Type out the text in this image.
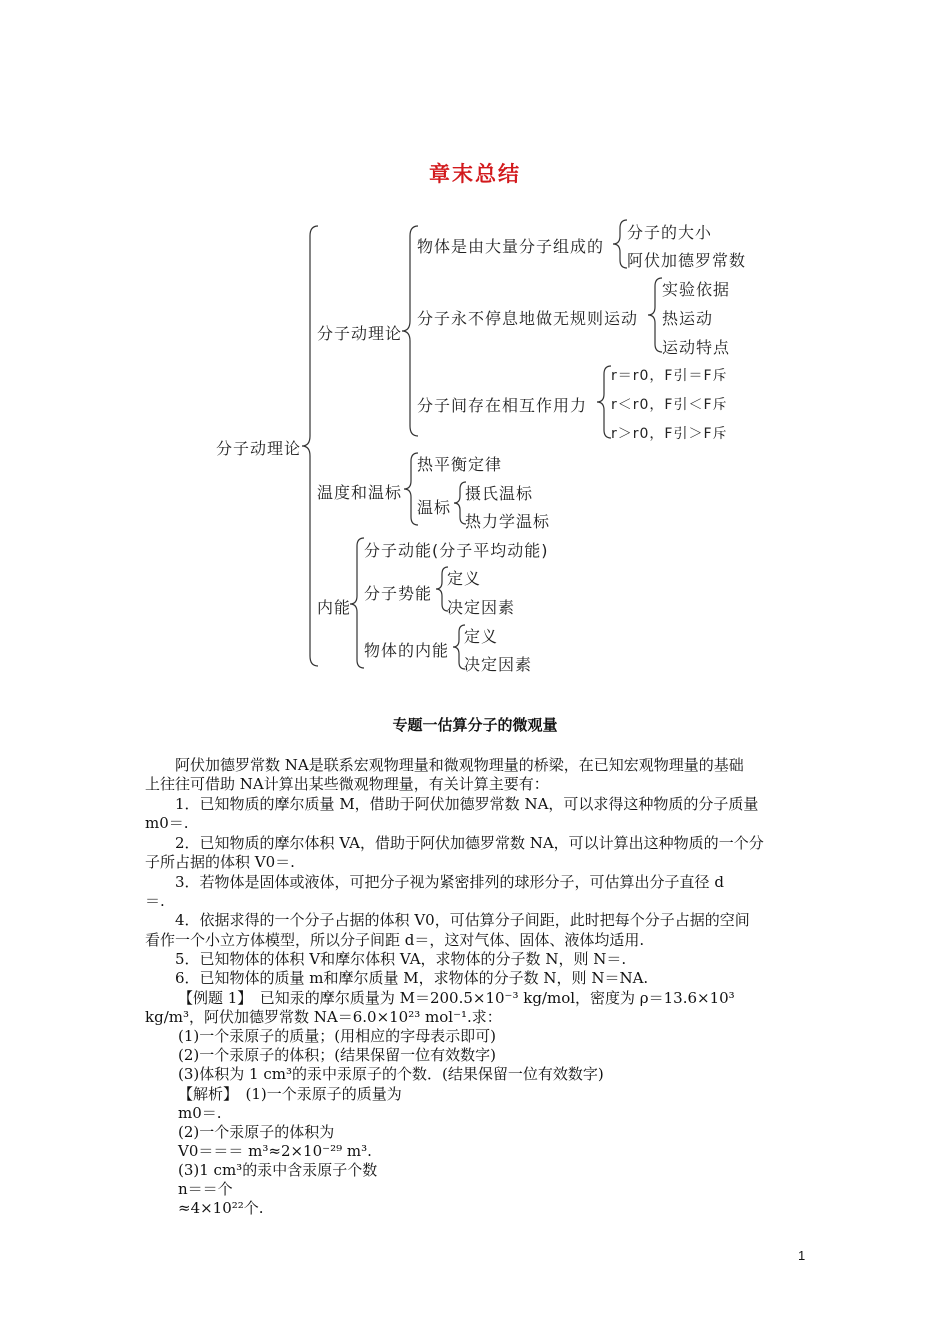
章末总结
分子动理论
分子动理论
物体是由大量分子组成的
分子的大小
阿伏加德罗常数
分子永不停息地做无规则运动
实验依据
热运动
运动特点
分子间存在相互作用力
r＝r0，F引＝F斥
r＜r0，F引＜F斥
r＞r0，F引＞F斥
温度和温标
热平衡定律
温标
摄氏温标
热力学温标
内能
分子动能(分子平均动能)
分子势能
定义
决定因素
物体的内能
定义
决定因素
专题一估算分子的微观量
阿伏加德罗常数 NA是联系宏观物理量和微观物理量的桥梁，在已知宏观物理量的基础
上往往可借助 NA计算出某些微观物理量，有关计算主要有：
1．已知物质的摩尔质量 M，借助于阿伏加德罗常数 NA，可以求得这种物质的分子质量
m0＝.
2．已知物质的摩尔体积 VA，借助于阿伏加德罗常数 NA，可以计算出这种物质的一个分
子所占据的体积 V0＝.
3．若物体是固体或液体，可把分子视为紧密排列的球形分子，可估算出分子直径 d
＝.
4．依据求得的一个分子占据的体积 V0，可估算分子间距，此时把每个分子占据的空间
看作一个小立方体模型，所以分子间距 d＝，这对气体、固体、液体均适用.
5．已知物体的体积 V和摩尔体积 VA，求物体的分子数 N，则 N＝.
6．已知物体的质量 m和摩尔质量 M，求物体的分子数 N，则 N＝NA.
【例题 1】　已知汞的摩尔质量为 M＝200.5×10⁻³ kg/mol，密度为 ρ＝13.6×10³
kg/m³，阿伏加德罗常数 NA＝6.0×10²³ mol⁻¹.求：
(1)一个汞原子的质量；(用相应的字母表示即可)
(2)一个汞原子的体积；(结果保留一位有效数字)
(3)体积为 1 cm³的汞中汞原子的个数．(结果保留一位有效数字)
【解析】　(1)一个汞原子的质量为
m0＝.
(2)一个汞原子的体积为
V0＝＝＝ m³≈2×10⁻²⁹ m³.
(3)1 cm³的汞中含汞原子个数
n＝＝个
≈4×10²²个.
1
